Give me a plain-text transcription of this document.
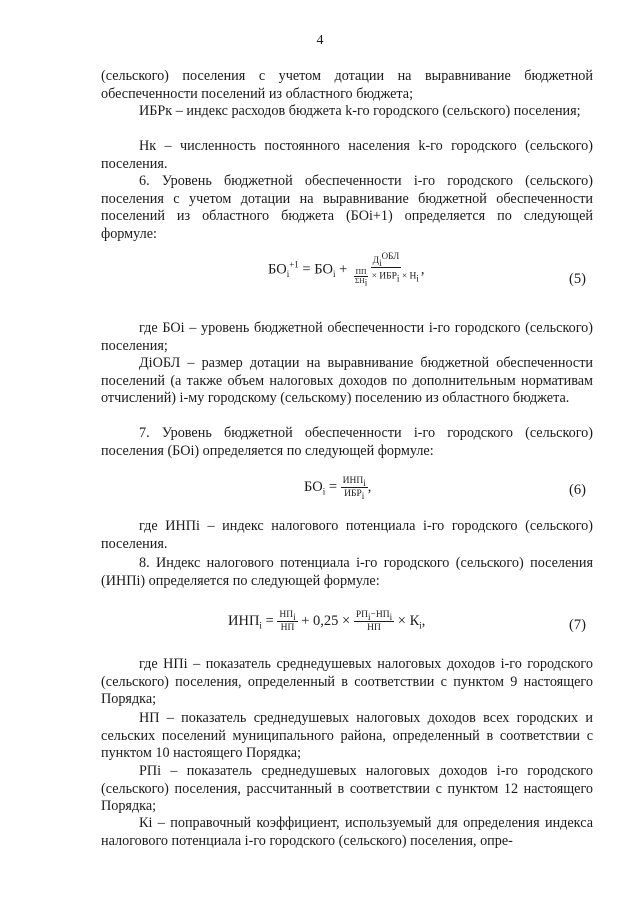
4

(сельского) поселения с учетом дотации на выравнивание бюджетной обеспеченности поселений из областного бюджета;

ИБРк – индекс расходов бюджета k-го городского (сельского) поселения;

Нк – численность постоянного населения k-го городского (сельского) поселения.

6. Уровень бюджетной обеспеченности i-го городского (сельского) поселения с учетом дотации на выравнивание бюджетной обеспеченности поселений из областного бюджета (БОi+1) определяется по следующей формуле:

$БО_i^{+1} = БО_i + \frac{Д_i^{ОБЛ}}{\frac{ПП}{\Sigma Н_i} \times ИБР_i \times Н_i}$ ,
(5)

где БОi – уровень бюджетной обеспеченности i-го городского (сельского) поселения;

ДiОБЛ – размер дотации на выравнивание бюджетной обеспеченности поселений (а также объем налоговых доходов по дополнительным нормативам отчислений) i-му городскому (сельскому) поселению из областного бюджета.

7. Уровень бюджетной обеспеченности i-го городского (сельского) поселения (БОi) определяется по следующей формуле:

$БО_i = \frac{ИНП_i}{ИБР_i}$ ,	(6)

где ИНПi – индекс налогового потенциала i-го городского (сельского) поселения.

8. Индекс налогового потенциала i-го городского (сельского) поселения (ИНПi) определяется по следующей формуле:

$ИНП_i = \frac{НП_i}{НП} + 0,25 \times \frac{РП_i-НП_i}{НП} \times К_i$,	(7)

где НПi – показатель среднедушевых налоговых доходов i-го городского (сельского) поселения, определенный в соответствии с пунктом 9 настоящего Порядка;

НП – показатель среднедушевых налоговых доходов всех городских и сельских поселений муниципального района, определенный в соответствии с пунктом 10 настоящего Порядка;

РПi – показатель среднедушевых налоговых доходов i-го городского (сельского) поселения, рассчитанный в соответствии с пунктом 12 настоящего Порядка;

Кi – поправочный коэффициент, используемый для определения индекса налогового потенциала i-го городского (сельского) поселения, опре-
